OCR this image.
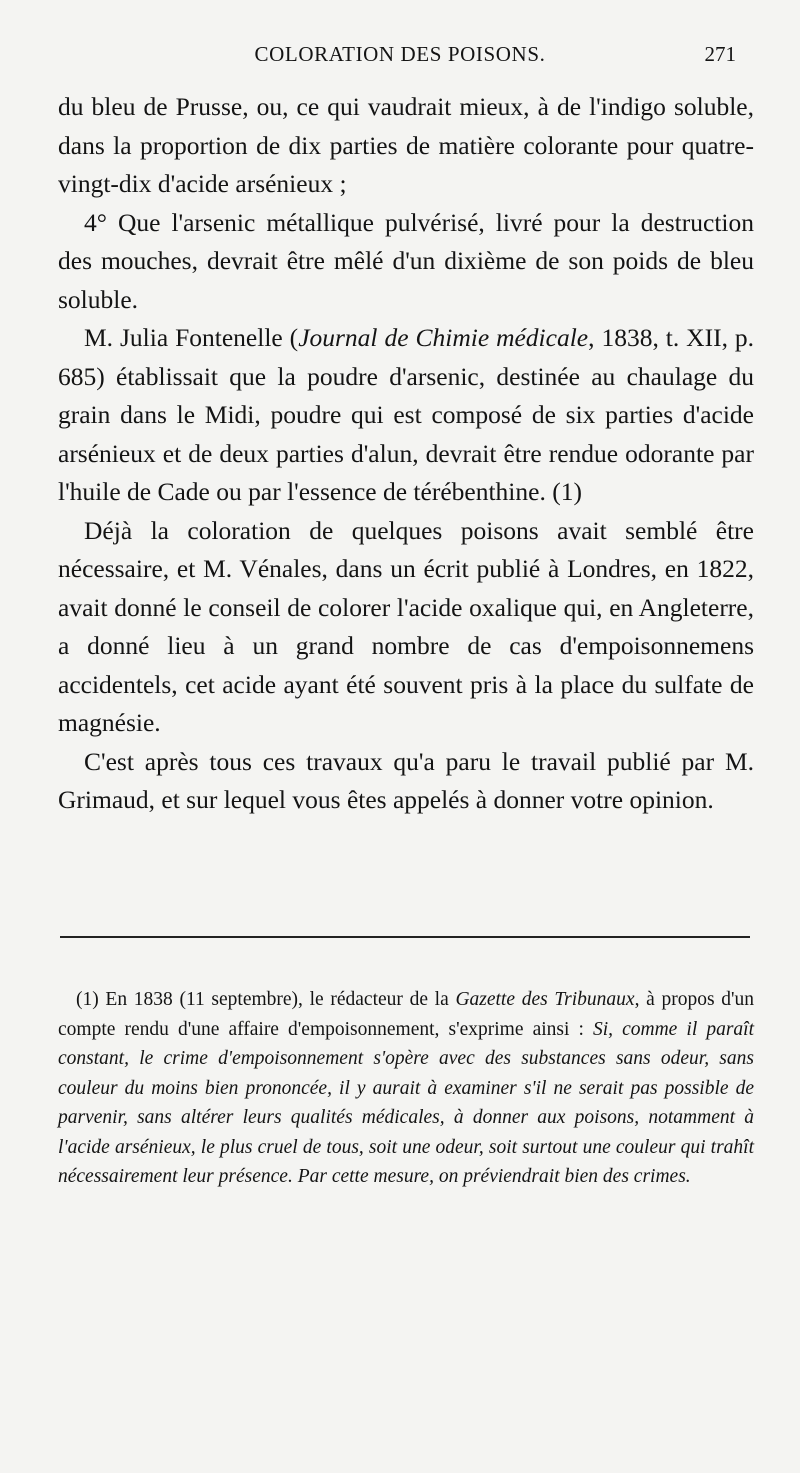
COLORATION DES POISONS.	271

du bleu de Prusse, ou, ce qui vaudrait mieux, à de l'indigo soluble, dans la proportion de dix parties de matière colorante pour quatre-vingt-dix d'acide arsénieux ;

4° Que l'arsenic métallique pulvérisé, livré pour la destruction des mouches, devrait être mêlé d'un dixième de son poids de bleu soluble.

M. Julia Fontenelle (Journal de Chimie médicale, 1838, t. XII, p. 685) établissait que la poudre d'arsenic, destinée au chaulage du grain dans le Midi, poudre qui est composé de six parties d'acide arsénieux et de deux parties d'alun, devrait être rendue odorante par l'huile de Cade ou par l'essence de térébenthine. (1)

Déjà la coloration de quelques poisons avait semblé être nécessaire, et M. Vénales, dans un écrit publié à Londres, en 1822, avait donné le conseil de colorer l'acide oxalique qui, en Angleterre, a donné lieu à un grand nombre de cas d'empoisonnemens accidentels, cet acide ayant été souvent pris à la place du sulfate de magnésie.

C'est après tous ces travaux qu'a paru le travail publié par M. Grimaud, et sur lequel vous êtes appelés à donner votre opinion.

(1) En 1838 (11 septembre), le rédacteur de la Gazette des Tribunaux, à propos d'un compte rendu d'une affaire d'empoisonnement, s'exprime ainsi : Si, comme il paraît constant, le crime d'empoisonnement s'opère avec des substances sans odeur, sans couleur du moins bien prononcée, il y aurait à examiner s'il ne serait pas possible de parvenir, sans altérer leurs qualités médicales, à donner aux poisons, notamment à l'acide arsénieux, le plus cruel de tous, soit une odeur, soit surtout une couleur qui trahît nécessairement leur présence. Par cette mesure, on préviendrait bien des crimes.
